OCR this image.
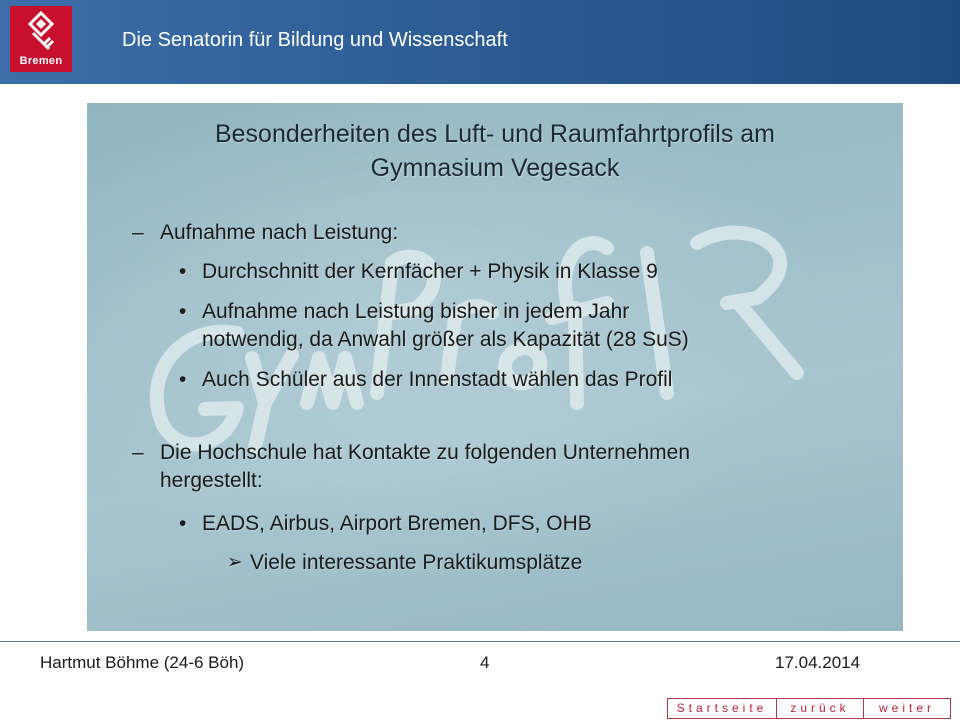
Bremen
Die Senatorin für Bildung und Wissenschaft
Besonderheiten des Luft- und Raumfahrtprofils am
Gymnasium Vegesack
– Aufnahme nach Leistung:
• Durchschnitt der Kernfächer + Physik in Klasse 9
• Aufnahme nach Leistung bisher in jedem Jahr
notwendig, da Anwahl größer als Kapazität (28 SuS)
• Auch Schüler aus der Innenstadt wählen das Profil
– Die Hochschule hat Kontakte zu folgenden Unternehmen
hergestellt:
• EADS, Airbus, Airport Bremen, DFS, OHB
➢ Viele interessante Praktikumsplätze
Hartmut Böhme (24-6 Böh)	4	17.04.2014
Startseite	zurück	weiter
